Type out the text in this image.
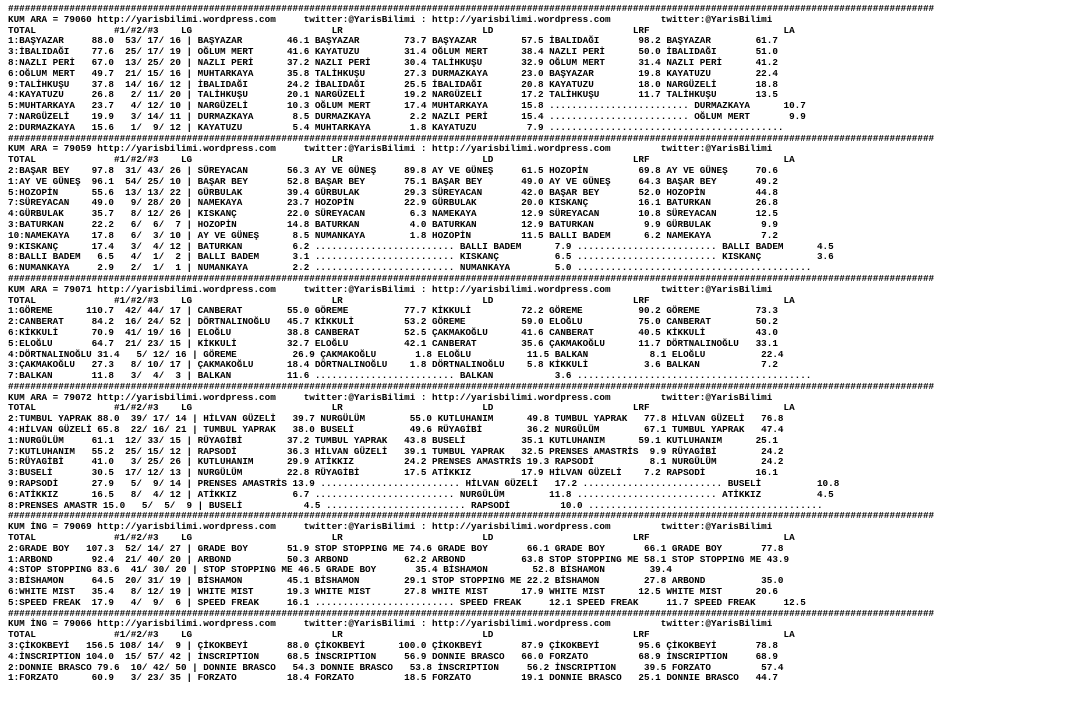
######################################################################################################################################################################
KUM ARA = 79060 http://yarisbilimi.wordpress.com     twitter:@YarisBilimi : http://yarisbilimi.wordpress.com         twitter:@YarisBilimi
TOTAL              #1/#2/#3    LG                         LR                         LD                         LRF                        LA
1:BAŞYAZAR     88.0  53/ 17/ 16 | BAŞYAZAR        46.1 BAŞYAZAR        73.7 BAŞYAZAR        57.5 İBALIDAĞI       98.2 BAŞYAZAR        61.7
3:İBALIDAĞI    77.6  25/ 17/ 19 | OĞLUM MERT      41.6 KAYATUZU        31.4 OĞLUM MERT      38.4 NAZLI PERİ      50.0 İBALIDAĞI       51.0
8:NAZLI PERİ   67.0  13/ 25/ 20 | NAZLI PERİ      37.2 NAZLI PERİ      30.4 TALİHKUŞU       32.9 OĞLUM MERT      31.4 NAZLI PERİ      41.2
6:OĞLUM MERT   49.7  21/ 15/ 16 | MUHTARKAYA      35.8 TALİHKUŞU       27.3 DURMAZKAYA      23.0 BAŞYAZAR        19.8 KAYATUZU        22.4
9:TALİHKUŞU    37.8  14/ 16/ 12 | İBALIDAĞI       24.2 İBALIDAĞI       25.5 İBALIDAĞI       20.8 KAYATUZU        18.0 NARGÜZELİ       18.8
4:KAYATUZU     26.8   2/ 11/ 20 | TALİHKUŞU       20.1 NARGÜZELİ       19.2 NARGÜZELİ       17.2 TALİHKUŞU       11.7 TALİHKUŞU       13.5
5:MUHTARKAYA   23.7   4/ 12/ 10 | NARGÜZELİ       10.3 OĞLUM MERT      17.4 MUHTARKAYA      15.8 ......................... DURMAZKAYA      10.7
7:NARGÜZELİ    19.9   3/ 14/ 11 | DURMAZKAYA       8.5 DURMAZKAYA       2.2 NAZLI PERİ      15.4 ......................... OĞLUM MERT       9.9
2:DURMAZKAYA   15.6   1/  9/ 12 | KAYATUZU         5.4 MUHTARKAYA       1.8 KAYATUZU         7.9 ..........................................
######################################################################################################################################################################
KUM ARA = 79059 http://yarisbilimi.wordpress.com     twitter:@YarisBilimi : http://yarisbilimi.wordpress.com         twitter:@YarisBilimi
TOTAL              #1/#2/#3    LG                         LR                         LD                         LRF                        LA
2:BAŞAR BEY    97.8  31/ 43/ 26 | SÜREYACAN       56.3 AY VE GÜNEŞ     89.8 AY VE GÜNEŞ     61.5 HOZOPİN         69.8 AY VE GÜNEŞ     70.6
1:AY VE GÜNEŞ  96.1  54/ 25/ 10 | BAŞAR BEY       52.8 BAŞAR BEY       75.1 BAŞAR BEY       49.0 AY VE GÜNEŞ     64.3 BAŞAR BEY       49.2
5:HOZOPİN      55.6  13/ 13/ 22 | GÜRBULAK        39.4 GÜRBULAK        29.3 SÜREYACAN       42.0 BAŞAR BEY       52.0 HOZOPİN         44.8
7:SÜREYACAN    49.0   9/ 28/ 20 | NAMEKAYA        23.7 HOZOPİN         22.9 GÜRBULAK        20.0 KISKANÇ         16.1 BATURKAN        26.8
4:GÜRBULAK     35.7   8/ 12/ 26 | KISKANÇ         22.0 SÜREYACAN        6.3 NAMEKAYA        12.9 SÜREYACAN       10.8 SÜREYACAN       12.5
3:BATURKAN     22.2   6/  6/  7 | HOZOPİN         14.8 BATURKAN         4.0 BATURKAN        12.9 BATURKAN         9.9 GÜRBULAK         9.9
10:NAMEKAYA    17.8   6/  3/ 10 | AY VE GÜNEŞ      8.5 NUMANKAYA        1.8 HOZOPİN         11.5 BALLI BADEM      6.2 NAMEKAYA         7.2
9:KISKANÇ      17.4   3/  4/ 12 | BATURKAN         6.2 ......................... BALLI BADEM      7.9 ......................... BALLI BADEM      4.5
8:BALLI BADEM   6.5   4/  1/  2 | BALLI BADEM      3.1 ......................... KISKANÇ          6.5 ......................... KISKANÇ          3.6
6:NUMANKAYA     2.9   2/  1/  1 | NUMANKAYA        2.2 ......................... NUMANKAYA        5.0 ..........................................
######################################################################################################################################################################
KUM ARA = 79071 http://yarisbilimi.wordpress.com     twitter:@YarisBilimi : http://yarisbilimi.wordpress.com         twitter:@YarisBilimi
TOTAL              #1/#2/#3    LG                         LR                         LD                         LRF                        LA
1:GÖREME      110.7  42/ 44/ 17 | CANBERAT        55.0 GÖREME          77.7 KİKKULİ         72.2 GÖREME          90.2 GÖREME          73.3
2:CANBERAT     84.2  16/ 24/ 52 | DÖRTNALINOĞLU   45.7 KİKKULİ         53.2 GÖREME          59.0 ELOĞLU          75.0 CANBERAT        50.2
6:KİKKULİ      70.9  41/ 19/ 16 | ELOĞLU          38.8 CANBERAT        52.5 ÇAKMAKOĞLU      41.6 CANBERAT        40.5 KİKKULİ         43.0
5:ELOĞLU       64.7  21/ 23/ 15 | KİKKULİ         32.7 ELOĞLU          42.1 CANBERAT        35.6 ÇAKMAKOĞLU      11.7 DÖRTNALINOĞLU   33.1
4:DÖRTNALINOĞLU 31.4   5/ 12/ 16 | GÖREME          26.9 ÇAKMAKOĞLU       1.8 ELOĞLU          11.5 BALKAN           8.1 ELOĞLU          22.4
3:ÇAKMAKOĞLU   27.3   8/ 10/ 17 | ÇAKMAKOĞLU      18.4 DÖRTNALINOĞLU    1.8 DÖRTNALINOĞLU    5.8 KİKKULİ          3.6 BALKAN           7.2
7:BALKAN       11.8   3/  4/  3 | BALKAN          11.6 ......................... BALKAN           3.6 ..........................................
######################################################################################################################################################################
KUM ARA = 79072 http://yarisbilimi.wordpress.com     twitter:@YarisBilimi : http://yarisbilimi.wordpress.com         twitter:@YarisBilimi
TOTAL              #1/#2/#3    LG                         LR                         LD                         LRF                        LA
2:TUMBUL YAPRAK 88.0  39/ 17/ 14 | HİLVAN GÜZELİ   39.7 NURGÜLÜM        55.0 KUTLUHANIM      49.8 TUMBUL YAPRAK   77.8 HİLVAN GÜZELİ   76.8
4:HİLVAN GÜZELİ 65.8  22/ 16/ 21 | TUMBUL YAPRAK   38.0 BUSELİ          49.6 RÜYAGİBİ        36.2 NURGÜLÜM        67.1 TUMBUL YAPRAK   47.4
1:NURGÜLÜM     61.1  12/ 33/ 15 | RÜYAGİBİ        37.2 TUMBUL YAPRAK   43.8 BUSELİ          35.1 KUTLUHANIM      59.1 KUTLUHANIM      25.1
7:KUTLUHANIM   55.2  25/ 15/ 12 | RAPSODİ         36.3 HİLVAN GÜZELİ   39.1 TUMBUL YAPRAK   32.5 PRENSES AMASTRİS  9.9 RÜYAGİBİ        24.2
5:RÜYAGİBİ     41.0   3/ 25/ 26 | KUTLUHANIM      29.9 ATİKKIZ         24.2 PRENSES AMASTRİS 19.3 RAPSODİ          8.1 NURGÜLÜM        24.2
3:BUSELİ       30.5  17/ 12/ 13 | NURGÜLÜM        22.8 RÜYAGİBİ        17.5 ATİKKIZ         17.9 HİLVAN GÜZELİ    7.2 RAPSODİ         16.1
9:RAPSODİ      27.9   5/  9/ 14 | PRENSES AMASTRİS 13.9 ......................... HİLVAN GÜZELİ   17.2 ......................... BUSELİ          10.8
6:ATİKKIZ      16.5   8/  4/ 12 | ATİKKIZ          6.7 ......................... NURGÜLÜM        11.8 ......................... ATİKKIZ          4.5
8:PRENSES AMASTR 15.0   5/  5/  9 | BUSELİ           4.5 ......................... RAPSODİ         10.0 ..........................................
######################################################################################################################################################################
KUM İNG = 79069 http://yarisbilimi.wordpress.com     twitter:@YarisBilimi : http://yarisbilimi.wordpress.com         twitter:@YarisBilimi
TOTAL              #1/#2/#3    LG                         LR                         LD                         LRF                        LA
2:GRADE BOY   107.3  52/ 14/ 27 | GRADE BOY       51.9 STOP STOPPING ME 74.6 GRADE BOY       66.1 GRADE BOY       66.1 GRADE BOY       77.8
1:ARBOND       92.4  21/ 40/ 20 | ARBOND          50.3 ARBOND          62.2 ARBOND          63.8 STOP STOPPING ME 58.1 STOP STOPPING ME 43.9
4:STOP STOPPING 83.6  41/ 30/ 20 | STOP STOPPING ME 46.5 GRADE BOY       35.4 BİSHAMON        52.8 BİSHAMON        39.4
3:BİSHAMON     64.5  20/ 31/ 19 | BİSHAMON        45.1 BİSHAMON        29.1 STOP STOPPING ME 22.2 BİSHAMON        27.8 ARBOND          35.0
6:WHITE MIST   35.4   8/ 12/ 19 | WHITE MIST      19.3 WHITE MIST      27.8 WHITE MIST      17.9 WHITE MIST      12.5 WHITE MIST      20.6
5:SPEED FREAK  17.9   4/  9/  6 | SPEED FREAK     16.1 ......................... SPEED FREAK     12.1 SPEED FREAK     11.7 SPEED FREAK     12.5
######################################################################################################################################################################
KUM İNG = 79066 http://yarisbilimi.wordpress.com     twitter:@YarisBilimi : http://yarisbilimi.wordpress.com         twitter:@YarisBilimi
TOTAL              #1/#2/#3    LG                         LR                         LD                         LRF                        LA
3:ÇİKOKBEYİ   156.5 108/ 14/  9 | ÇİKOKBEYİ       88.0 ÇİKOKBEYİ      100.0 ÇİKOKBEYİ       87.9 ÇİKOKBEYİ       95.6 ÇİKOKBEYİ       78.8
4:İNSCRIPTION 104.0  15/ 57/ 42 | İNSCRIPTION     68.5 İNSCRIPTION     56.9 DONNIE BRASCO   66.0 FORZATO         68.9 İNSCRIPTION     68.9
2:DONNIE BRASCO 79.6  10/ 42/ 50 | DONNIE BRASCO   54.3 DONNIE BRASCO   53.8 İNSCRIPTION     56.2 İNSCRIPTION     39.5 FORZATO         57.4
1:FORZATO      60.9   3/ 23/ 35 | FORZATO         18.4 FORZATO         18.5 FORZATO         19.1 DONNIE BRASCO   25.1 DONNIE BRASCO   44.7
